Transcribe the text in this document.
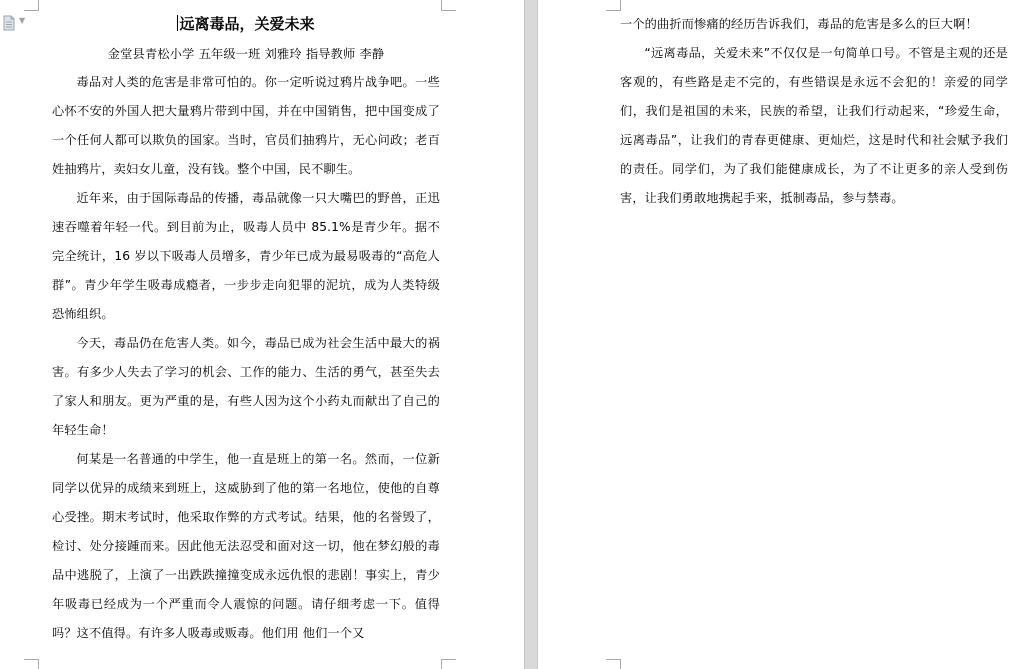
▼	远离毒品，关爱未来
金堂县青松小学 五年级一班 刘雅玲 指导教师 李静

毒品对人类的危害是非常可怕的。你一定听说过鸦片战争吧。一些心怀不安的外国人把大量鸦片带到中国，并在中国销售，把中国变成了一个任何人都可以欺负的国家。当时，官员们抽鸦片，无心问政；老百姓抽鸦片，卖妇女儿童，没有钱。整个中国，民不聊生。

近年来，由于国际毒品的传播，毒品就像一只大嘴巴的野兽，正迅速吞噬着年轻一代。到目前为止，吸毒人员中 85.1%是青少年。据不完全统计，16 岁以下吸毒人员增多，青少年已成为最易吸毒的“高危人群”。青少年学生吸毒成瘾者，一步步走向犯罪的泥坑，成为人类特级恐怖组织。

今天，毒品仍在危害人类。如今，毒品已成为社会生活中最大的祸害。有多少人失去了学习的机会、工作的能力、生活的勇气，甚至失去了家人和朋友。更为严重的是，有些人因为这个小药丸而献出了自己的年轻生命！

何某是一名普通的中学生，他一直是班上的第一名。然而，一位新同学以优异的成绩来到班上，这威胁到了他的第一名地位，使他的自尊心受挫。期末考试时，他采取作弊的方式考试。结果，他的名誉毁了，检讨、处分接踵而来。因此他无法忍受和面对这一切，他在梦幻般的毒品中逃脱了，上演了一出跌跌撞撞变成永远仇恨的悲剧！事实上，青少年吸毒已经成为一个严重而令人震惊的问题。请仔细考虑一下。值得吗？这不值得。有许多人吸毒或贩毒。他们用 他们一个又

一个的曲折而惨痛的经历告诉我们，毒品的危害是多么的巨大啊！

“远离毒品，关爱未来”不仅仅是一句简单口号。不管是主观的还是客观的，有些路是走不完的，有些错误是永远不会犯的！亲爱的同学们，我们是祖国的未来，民族的希望，让我们行动起来，“珍爱生命，远离毒品”，让我们的青春更健康、更灿烂，这是时代和社会赋予我们的责任。同学们，为了我们能健康成长，为了不让更多的亲人受到伤害，让我们勇敢地携起手来，抵制毒品，参与禁毒。
